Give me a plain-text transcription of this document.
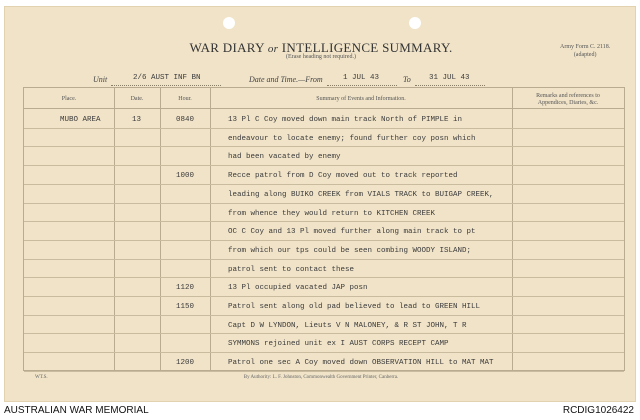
WAR DIARY or INTELLIGENCE SUMMARY.
(Erase heading not required.)
Army Form C. 2118.
(adapted)
Unit	2/6 AUST INF BN	Date and Time.—From	1 JUL 43	To 31 JUL 43
Place.	Date.	Hour.	Summary of Events and Information.	Remarks and references to
Appendices, Diaries, &c.
MUBO AREA	13	0840	13 Pl C Coy moved down main track North of PIMPLE in
endeavour to locate enemy; found further coy posn which
had been vacated by enemy
1000	Recce patrol from D Coy moved out to track reported
leading along BUIKO CREEK from VIALS TRACK to BUIGAP CREEK,
from whence they would return to KITCHEN CREEK
OC C Coy and 13 Pl moved further along main track to pt
from which our tps could be seen combing WOODY ISLAND;
patrol sent to contact these
1120	13 Pl occupied vacated JAP posn
1150	Patrol sent along old pad believed to lead to GREEN HILL
Capt D W LYNDON, Lieuts V N MALONEY, & R ST JOHN, T R
SYMMONS rejoined unit ex I AUST CORPS RECEPT CAMP
1200	Patrol one sec A Coy moved down OBSERVATION HILL to MAT MAT
WT.S.	By Authority: L. F. Johnston, Commonwealth Government Printer, Canberra.
AUSTRALIAN WAR MEMORIAL	RCDIG1026422
